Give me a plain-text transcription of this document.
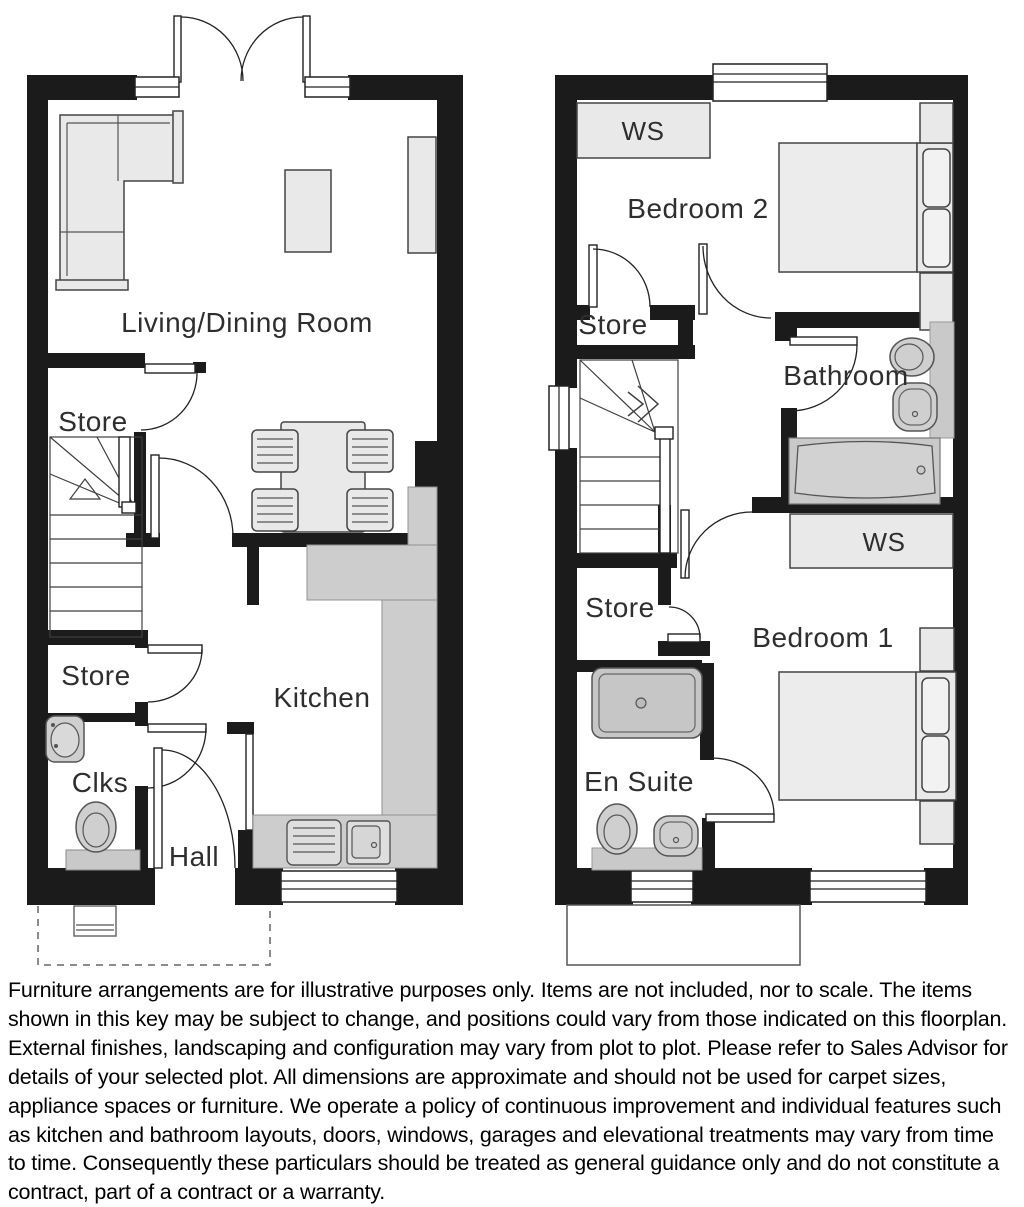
Living/Dining Room
Store
Store
Clks
Hall
Kitchen
WS
Bedroom 2
Store
Bathroom
WS
Store
Bedroom 1
En Suite
Furniture arrangements are for illustrative purposes only. Items are not included, nor to scale. The items shown in this key may be subject to change, and positions could vary from those indicated on this floorplan. External finishes, landscaping and configuration may vary from plot to plot. Please refer to Sales Advisor for details of your selected plot. All dimensions are approximate and should not be used for carpet sizes, appliance spaces or furniture. We operate a policy of continuous improvement and individual features such as kitchen and bathroom layouts, doors, windows, garages and elevational treatments may vary from time to time. Consequently these particulars should be treated as general guidance only and do not constitute a contract, part of a contract or a warranty.
